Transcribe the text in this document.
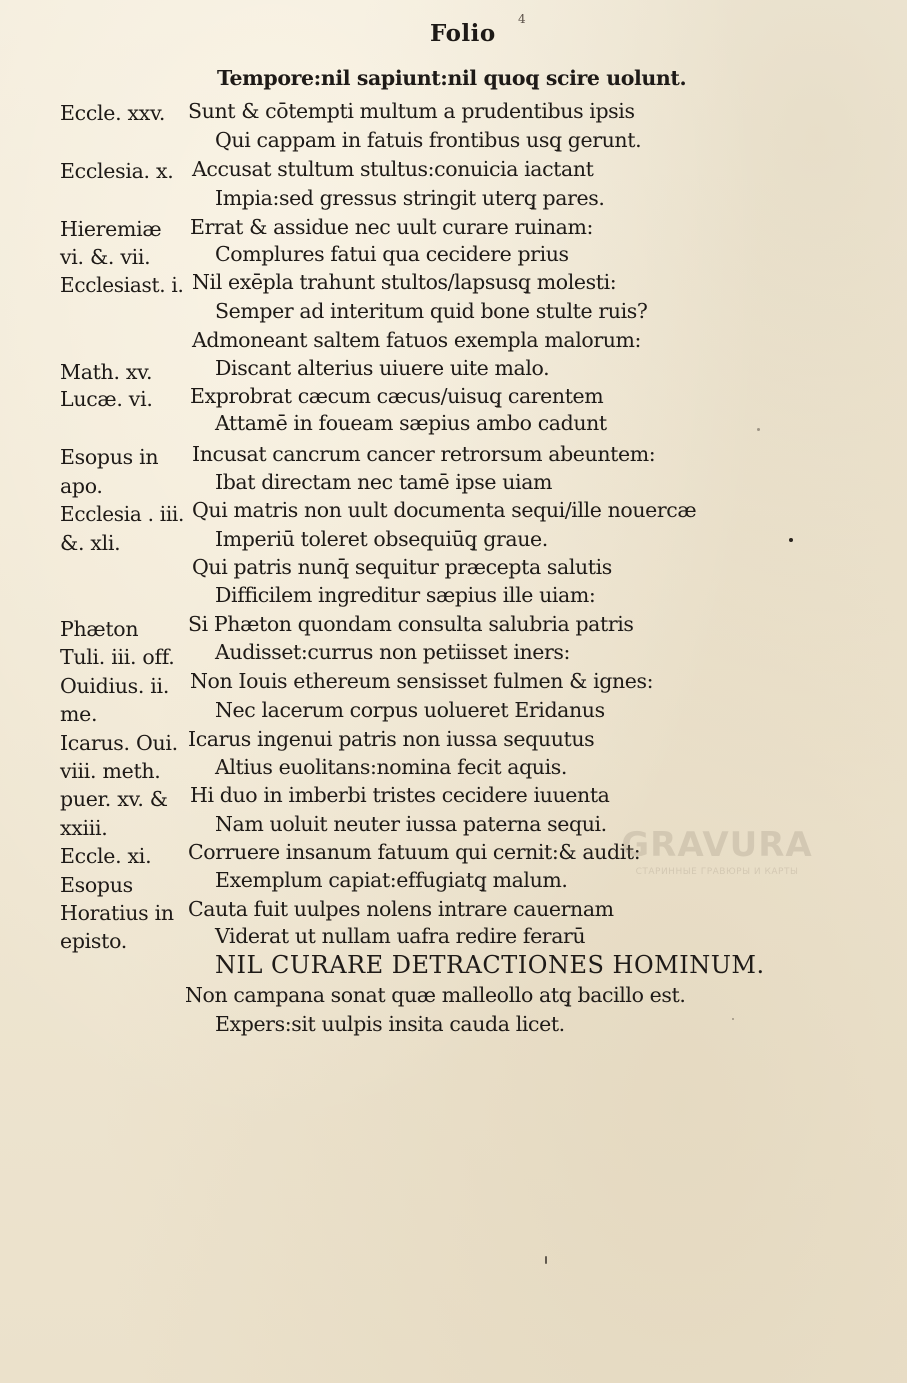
Folio
4
Tempore:nil sapiunt:nil quoq̧ scire uolunt.
Sunt & cōtempti multum a prudentibus ipsis
Qui cappam in fatuis frontibus usq̧ gerunt.
Accusat stultum stultus:conuicia iactant
Impia:sed gressus stringit uterq̧ pares.
Errat & assidue nec uult curare ruinam:
Complures fatui qua cecidere prius
Nil exēpla trahunt stultos/lapsusq̧ molesti:
Semper ad interitum quid bone stulte ruis?
Admoneant saltem fatuos exempla malorum:
Discant alterius uiuere uite malo.
Exprobrat cæcum cæcus/uisuq̧ carentem
Attamē in foueam sæpius ambo cadunt
Incusat cancrum cancer retrorsum abeuntem:
Ibat directam nec tamē ipse uiam
Qui matris non uult documenta sequi/ille nouercæ
Imperiū toleret obsequiūq̧ graue.
Qui patris nunq̄ sequitur præcepta salutis
Difficilem ingreditur sæpius ille uiam:
Si Phæton quondam consulta salubria patris
Audisset:currus non petiisset iners:
Non Iouis ethereum sensisset fulmen & ignes:
Nec lacerum corpus uolueret Eridanus
Icarus ingenui patris non iussa sequutus
Altius euolitans:nomina fecit aquis.
Hi duo in imberbi tristes cecidere iuuenta
Nam uoluit neuter iussa paterna sequi.
Corruere insanum fatuum qui cernit:& audit:
Exemplum capiat:effugiatq̧ malum.
Cauta fuit uulpes nolens intrare cauernam
Viderat ut nullam uafra redire ferarū
NIL CURARE DETRACTIONES HOMINUM.
Non campana sonat quæ malleollo atq̧ bacillo est.
Expers:sit uulpis insita cauda licet.
Eccle. xxv.
Ecclesia. x.
Hieremiæ
vi. &. vii.
Ecclesiast. i.
Math. xv.
Lucæ. vi.
Esopus in
apo.
Ecclesia . iii.
&. xli.
Phæton
Tuli. iii. off.
Ouidius. ii.
me.
Icarus. Oui.
viii. meth.
puer. xv. &
xxiii.
Eccle. xi.
Esopus
Horatius in
episto.
GRAVURA
СТАРИННЫЕ ГРАВЮРЫ И КАРТЫ
